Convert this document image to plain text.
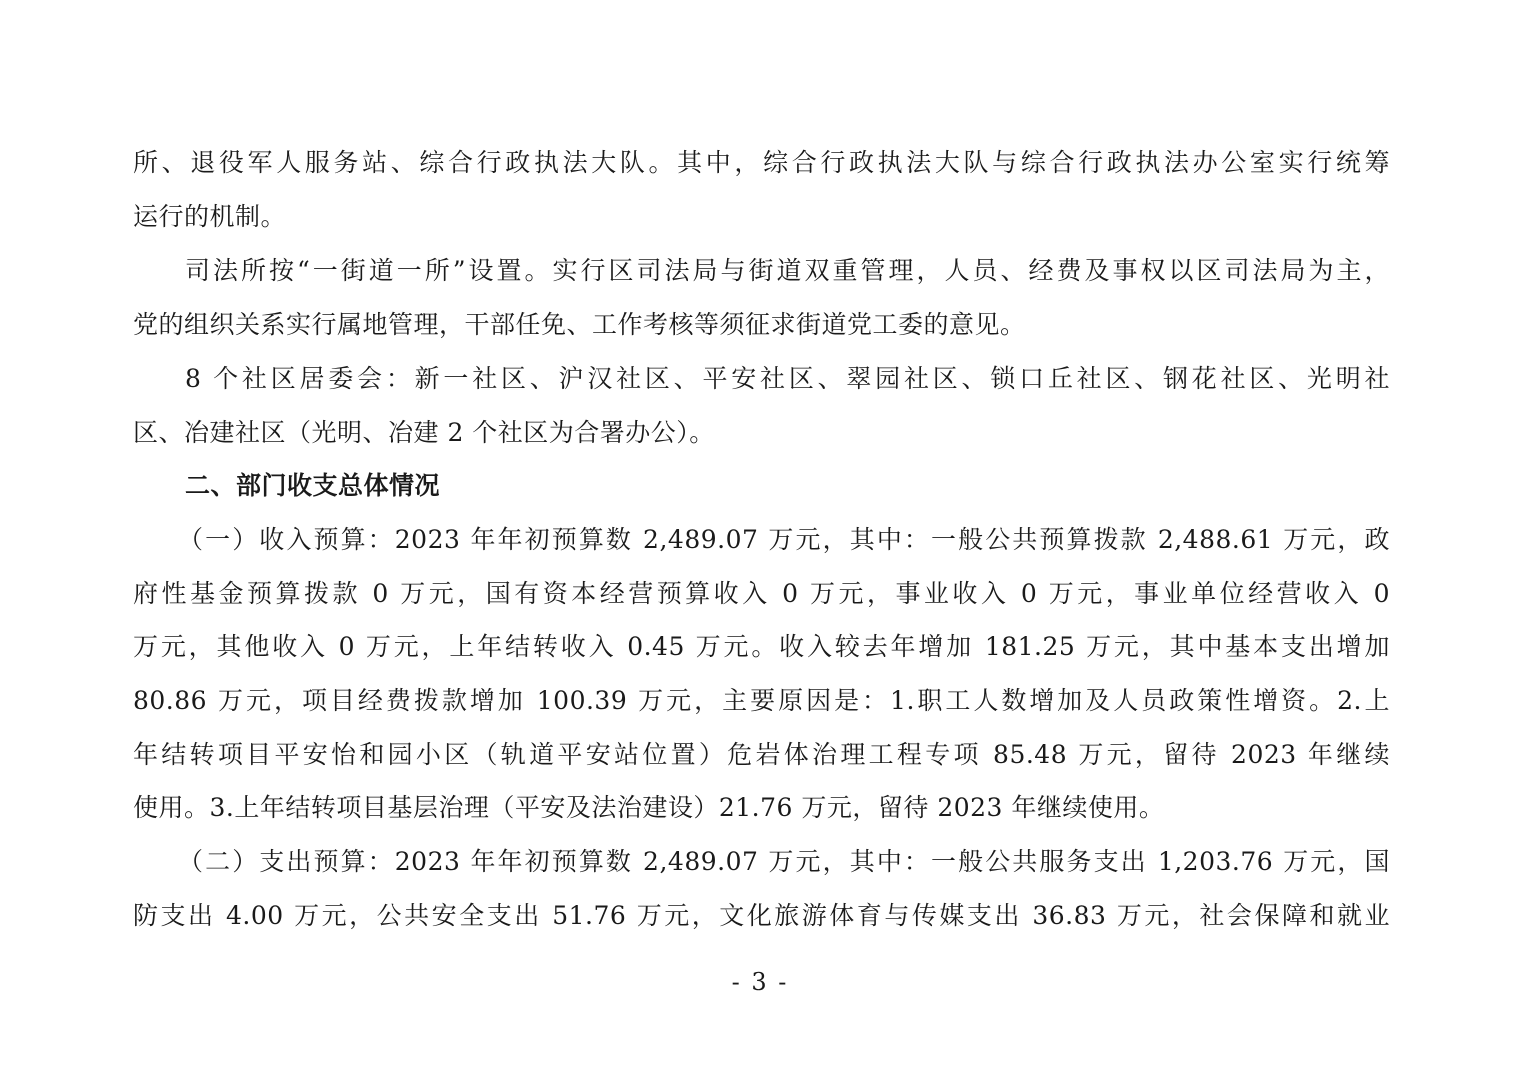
所、退役军人服务站、综合行政执法大队。其中，综合行政执法大队与综合行政执法办公室实行统筹
运行的机制。
司法所按“一街道一所”设置。实行区司法局与街道双重管理，人员、经费及事权以区司法局为主，
党的组织关系实行属地管理，干部任免、工作考核等须征求街道党工委的意见。
8 个社区居委会：新一社区、沪汉社区、平安社区、翠园社区、锁口丘社区、钢花社区、光明社
区、冶建社区（光明、冶建 2 个社区为合署办公）。
二、部门收支总体情况
（一）收入预算：2023 年年初预算数 2,489.07 万元，其中：一般公共预算拨款 2,488.61 万元，政
府性基金预算拨款 0 万元，国有资本经营预算收入 0 万元，事业收入 0 万元，事业单位经营收入 0
万元，其他收入 0 万元，上年结转收入 0.45 万元。收入较去年增加 181.25 万元，其中基本支出增加
80.86 万元，项目经费拨款增加 100.39 万元，主要原因是：1.职工人数增加及人员政策性增资。2.上
年结转项目平安怡和园小区（轨道平安站位置）危岩体治理工程专项 85.48 万元，留待 2023 年继续
使用。3.上年结转项目基层治理（平安及法治建设）21.76 万元，留待 2023 年继续使用。
（二）支出预算：2023 年年初预算数 2,489.07 万元，其中：一般公共服务支出 1,203.76 万元，国
防支出 4.00 万元，公共安全支出 51.76 万元，文化旅游体育与传媒支出 36.83 万元，社会保障和就业
- 3 -
